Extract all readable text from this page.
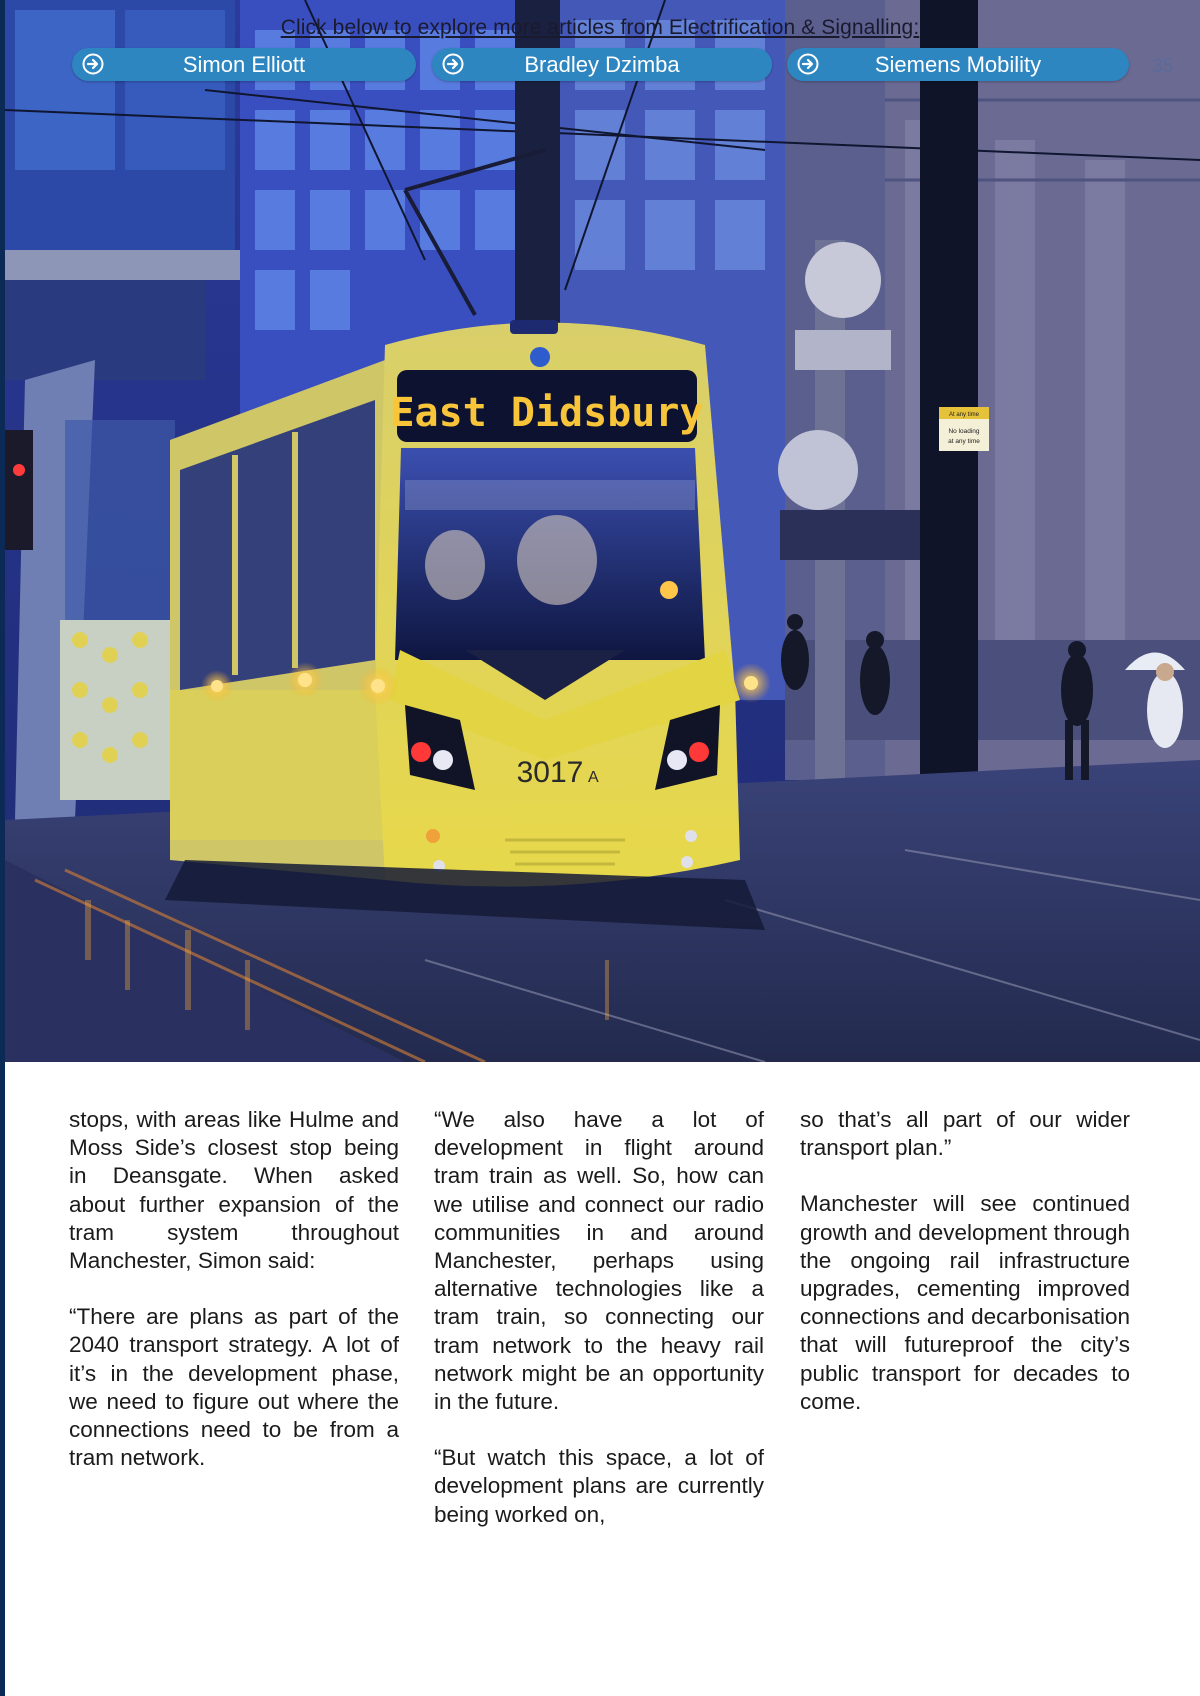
At any time
No loading
at any time
East Didsbury
3017 A
Click below to explore more articles from Electrification & Signalling:
Simon Elliott	Bradley Dzimba	Siemens Mobility	35

stops, with areas like Hulme and Moss Side’s closest stop being in Deansgate. When asked about further expansion of the tram system throughout Manchester, Simon said:

“There are plans as part of the 2040 transport strategy. A lot of it’s in the development phase, we need to figure out where the connections need to be from a tram network.

“We also have a lot of development in flight around tram train as well. So, how can we utilise and connect our radio communities in and around Manchester, perhaps using alternative technologies like a tram train, so connecting our tram network to the heavy rail network might be an opportunity in the future.

“But watch this space, a lot of development plans are currently being worked on,

so that’s all part of our wider transport plan.”

Manchester will see continued growth and development through the ongoing rail infrastructure upgrades, cementing improved connections and decarbonisation that will futureproof the city’s public transport for decades to come.
